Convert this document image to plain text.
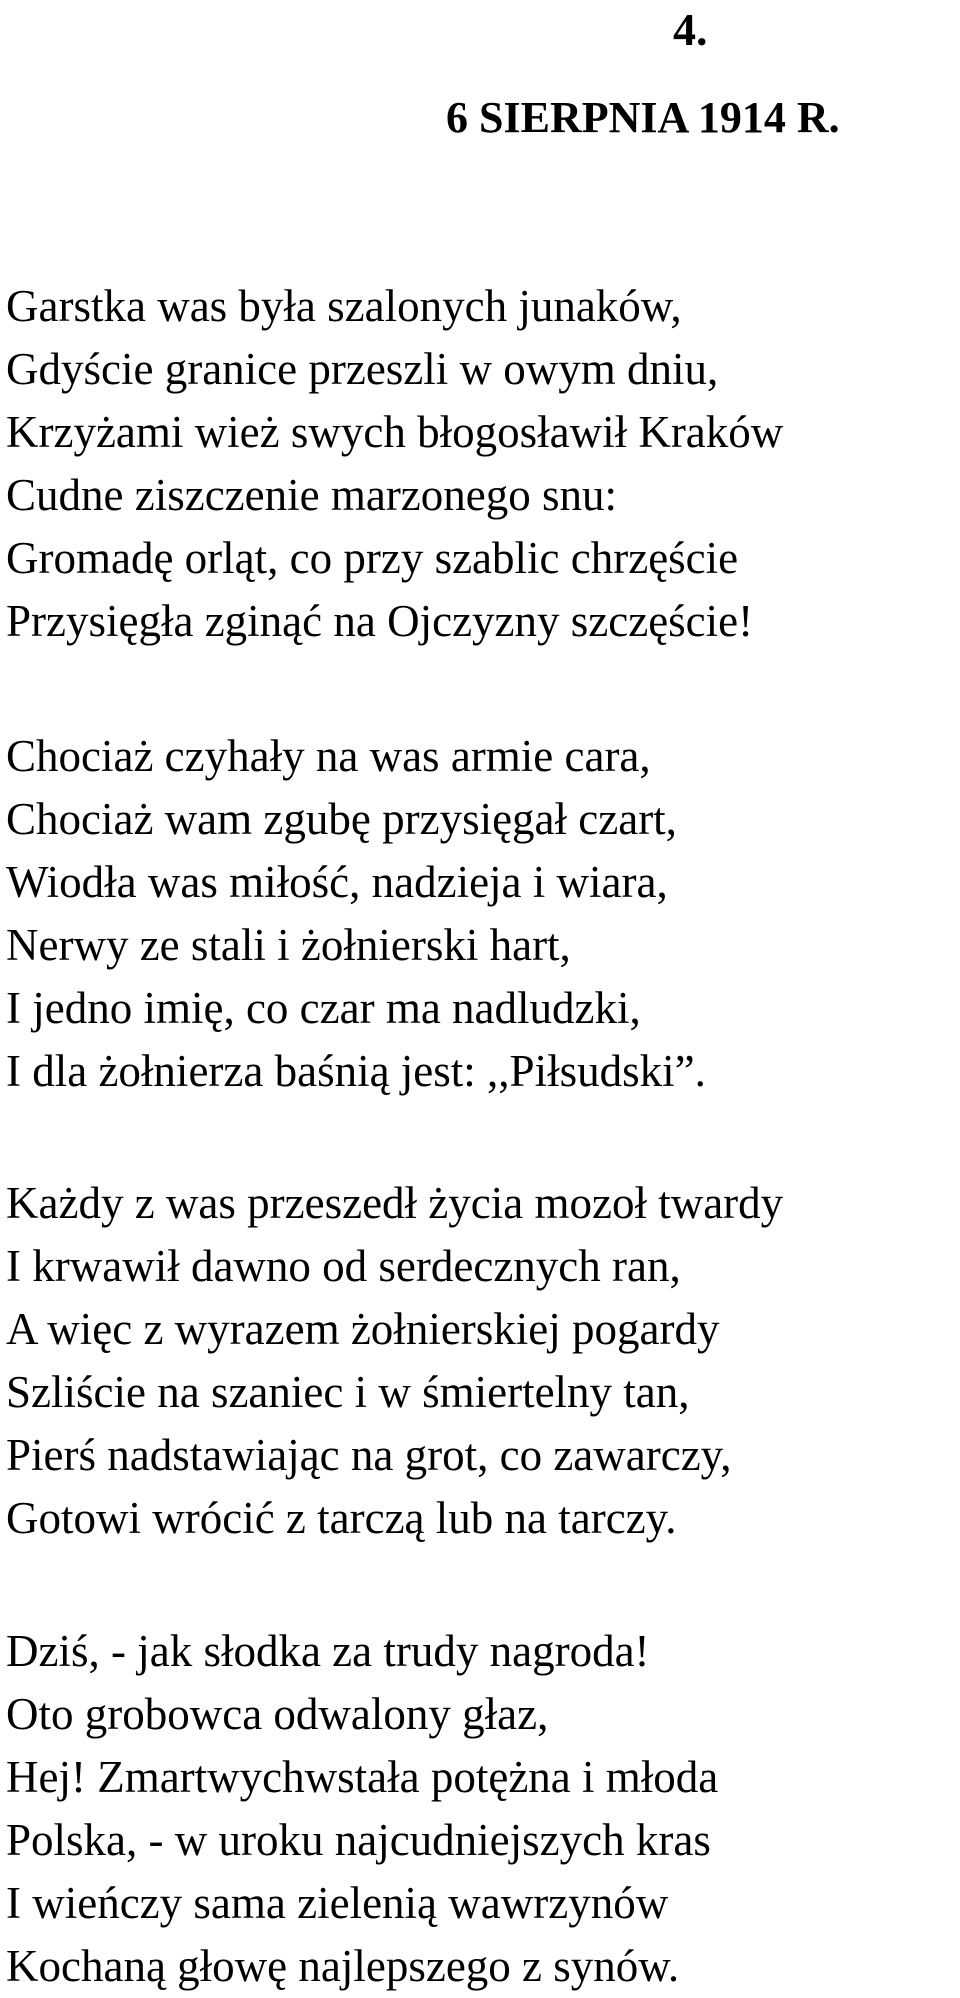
4.
6 SIERPNIA 1914 R.
Garstka was była szalonych junaków,
Gdyście granice przeszli w owym dniu,
Krzyżami wież swych błogosławił Kraków
Cudne ziszczenie marzonego snu:
Gromadę orląt, co przy szablic chrzęście
Przysięgła zginąć na Ojczyzny szczęście!
Chociaż czyhały na was armie cara,
Chociaż wam zgubę przysięgał czart,
Wiodła was miłość, nadzieja i wiara,
Nerwy ze stali i żołnierski hart,
I jedno imię, co czar ma nadludzki,
I dla żołnierza baśnią jest: ,,Piłsudski”.
Każdy z was przeszedł życia mozoł twardy
I krwawił dawno od serdecznych ran,
A więc z wyrazem żołnierskiej pogardy
Szliście na szaniec i w śmiertelny tan,
Pierś nadstawiając na grot, co zawarczy,
Gotowi wrócić z tarczą lub na tarczy.
Dziś, - jak słodka za trudy nagroda!
Oto grobowca odwalony głaz,
Hej! Zmartwychwstała potężna i młoda
Polska, - w uroku najcudniejszych kras
I wieńczy sama zielenią wawrzynów
Kochaną głowę najlepszego z synów.
